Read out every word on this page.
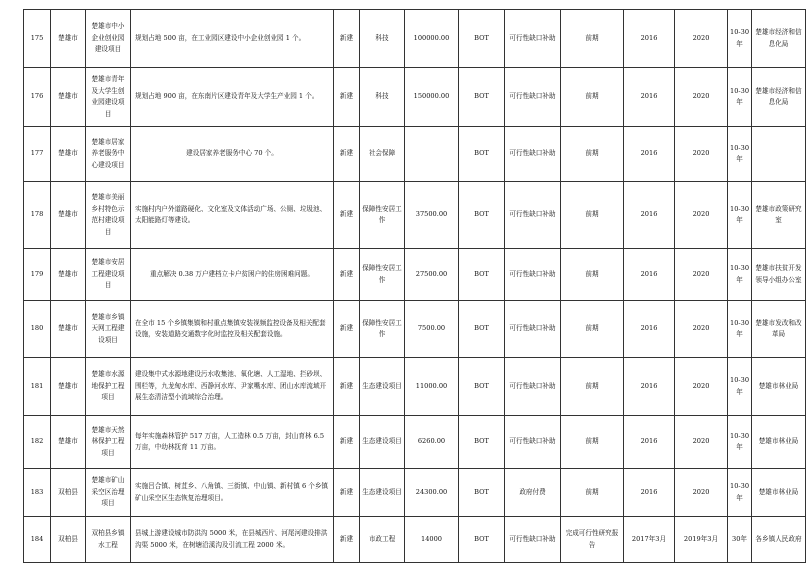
175	楚雄市	楚雄市中小企业创业园建设项目	规划占地 500 亩，在工业园区建设中小企业创业园 1 个。	新建	科技	100000.00	BOT	可行性缺口补助	前期	2016	2020	10-30年	楚雄市经济和信息化局
176	楚雄市	楚雄市青年及大学生创业园建设项目	规划占地 900 亩，在东南片区建设青年及大学生产业园 1 个。	新建	科技	150000.00	BOT	可行性缺口补助	前期	2016	2020	10-30年	楚雄市经济和信息化局
177	楚雄市	楚雄市居家养老服务中心建设项目	建设居家养老服务中心 70 个。	新建	社会保障		BOT	可行性缺口补助	前期	2016	2020	10-30年	
178	楚雄市	楚雄市美丽乡村特色示范村建设项目	实施村内户外道路硬化、文化室及文体活动广场、公厕、垃圾池、太阳能路灯等建设。	新建	保障性安居工作	37500.00	BOT	可行性缺口补助	前期	2016	2020	10-30年	楚雄市政策研究室
179	楚雄市	楚雄市安居工程建设项目	重点解决 0.38 万户建档立卡户贫困户的住房困难问题。	新建	保障性安居工作	27500.00	BOT	可行性缺口补助	前期	2016	2020	10-30年	楚雄市扶贫开发领导小组办公室
180	楚雄市	楚雄市乡镇天网工程建设项目	在全市 15 个乡镇集镇和村重点集镇安装视频监控设备及相关配套设施，安装道路交通数字化时监控及相关配套设施。	新建	保障性安居工作	7500.00	BOT	可行性缺口补助	前期	2016	2020	10-30年	楚雄市发改和改革局
181	楚雄市	楚雄市水源地保护工程项目	建设集中式水源地建设污水收集池、氧化塘、人工湿地、拦砂坝、围栏等，九龙甸水库、西静河水库、尹家嘴水库、团山水库流域开展生态清洁型小流域综合治理。	新建	生态建设项目	11000.00	BOT	可行性缺口补助	前期	2016	2020	10-30年	楚雄市林业局
182	楚雄市	楚雄市天然林保护工程项目	每年实施森林管护 517 万亩，人工造林 0.5 万亩，封山育林 6.5 万亩，中幼林抚育 11 万亩。	新建	生态建设项目	6260.00	BOT	可行性缺口补助	前期	2016	2020	10-30年	楚雄市林业局
183	双柏县	楚雄市矿山采空区治理项目	实施吕合镇、树苴乡、八角镇、三街镇、中山镇、新村镇 6 个乡镇矿山采空区生态恢复治理项目。	新建	生态建设项目	24300.00	BOT	政府付费	前期	2016	2020	10-30年	楚雄市林业局
184	双柏县	双柏县乡镇水工程	县城上游建设城市防洪沟 5000 米，在县城西片、河尾河建设排洪沟渠 5000 米，在树塘沿溪沟及引流工程 2000 米。	新建	市政工程	14000	BOT	可行性缺口补助	完成可行性研究报告	2017年3月	2019年3月	30年	各乡镇人民政府
